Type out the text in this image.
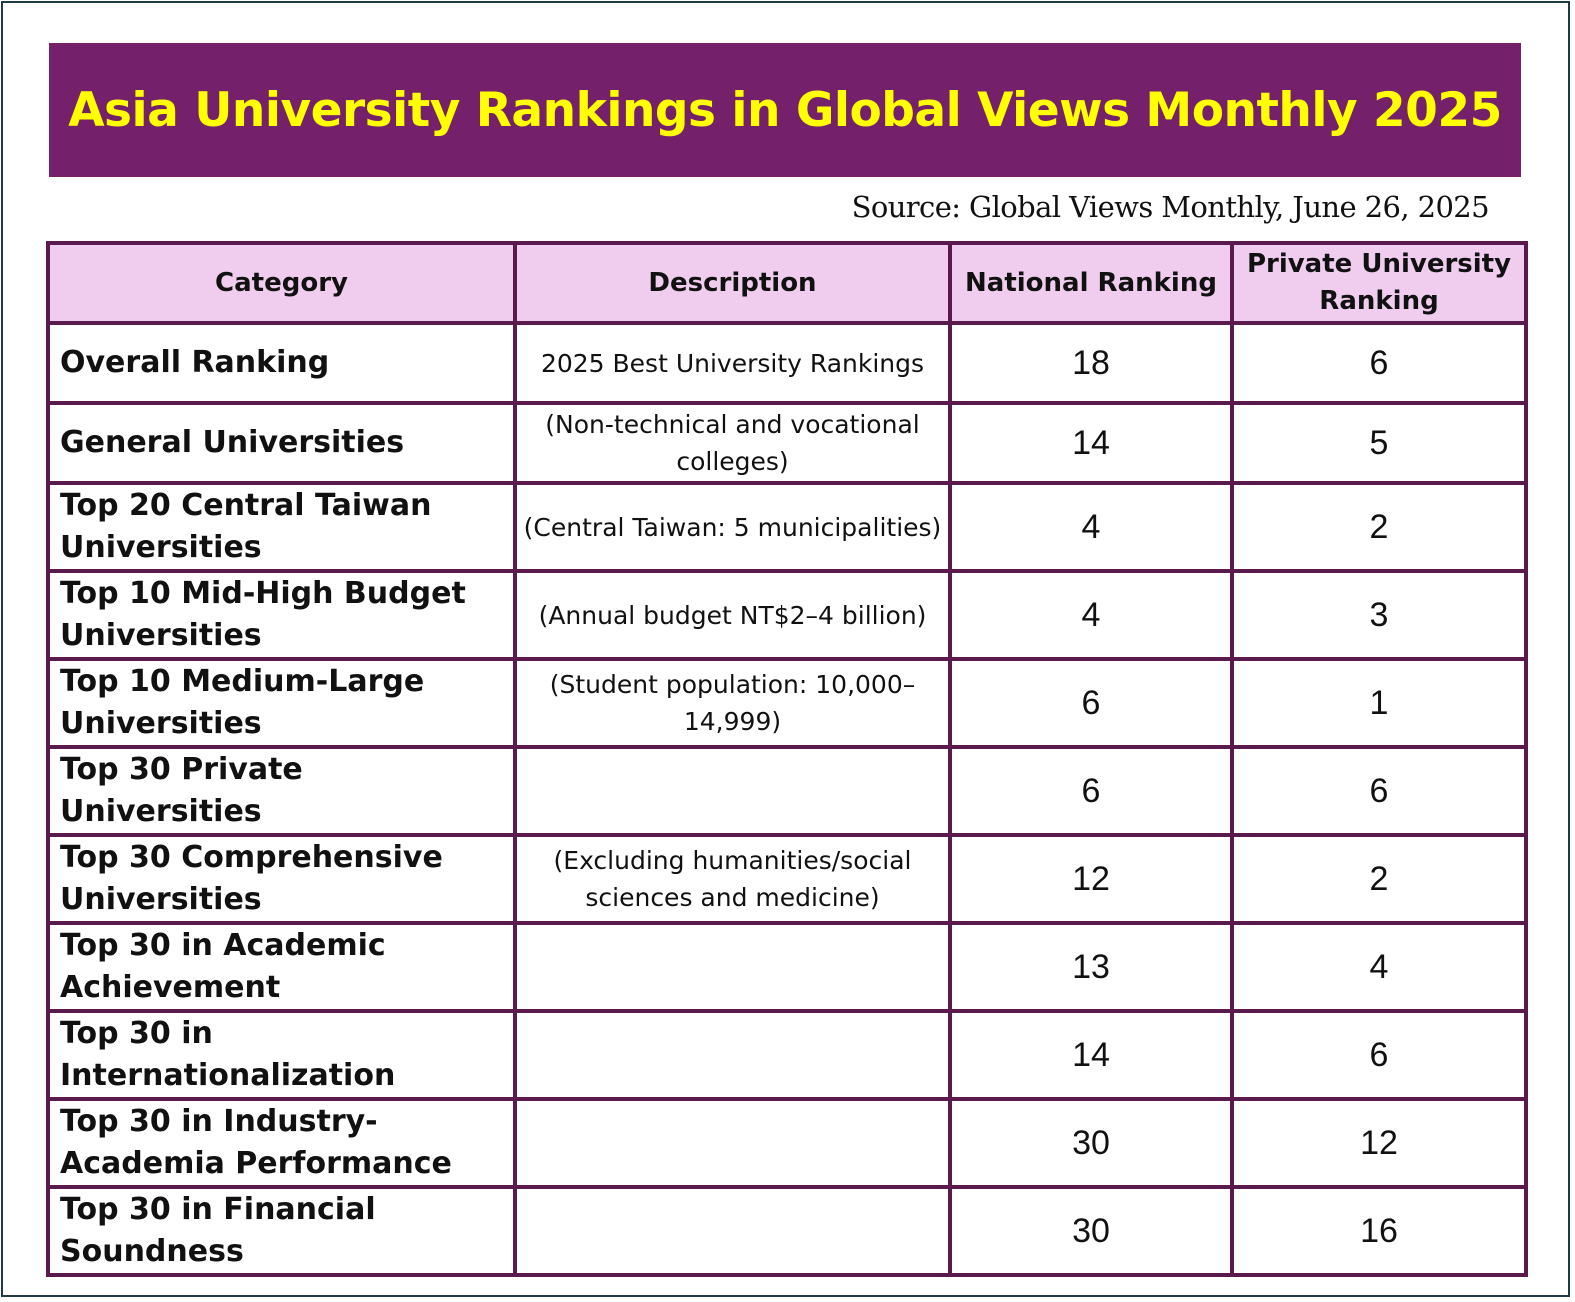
Asia University Rankings in Global Views Monthly 2025
Source: Global Views Monthly, June 26, 2025
Category	Description	National Ranking	Private University Ranking
Overall Ranking	2025 Best University Rankings	18	6
General Universities	(Non-technical and vocational colleges)	14	5
Top 20 Central Taiwan Universities	(Central Taiwan: 5 municipalities)	4	2
Top 10 Mid-High Budget Universities	(Annual budget NT$2–4 billion)	4	3
Top 10 Medium-Large Universities	(Student population: 10,000–14,999)	6	1
Top 30 Private Universities		6	6
Top 30 Comprehensive Universities	(Excluding humanities/social sciences and medicine)	12	2
Top 30 in Academic Achievement		13	4
Top 30 in Internationalization		14	6
Top 30 in Industry-Academia Performance		30	12
Top 30 in Financial Soundness		30	16
